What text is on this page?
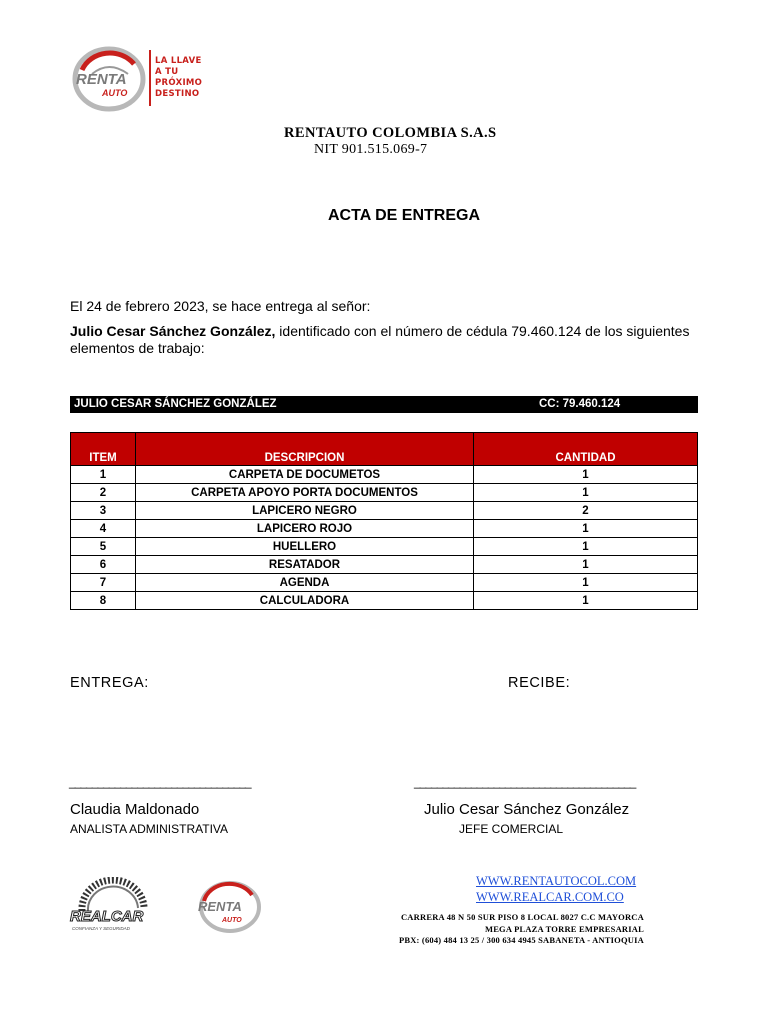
RENTA
AUTO
LA LLAVE
A TU
PRÓXIMO
DESTINO
RENTAUTO COLOMBIA S.A.S
NIT 901.515.069-7
ACTA DE ENTREGA
El 24 de febrero 2023, se hace entrega al señor:
Julio Cesar Sánchez González, identificado con el número de cédula 79.460.124 de los siguientes elementos de trabajo:
JULIO CESAR SÁNCHEZ GONZÁLEZ	CC: 79.460.124
ITEM	DESCRIPCION	CANTIDAD
1	CARPETA DE DOCUMETOS	1
2	CARPETA APOYO PORTA DOCUMENTOS	1
3	LAPICERO NEGRO	2
4	LAPICERO ROJO	1
5	HUELLERO	1
6	RESATADOR	1
7	AGENDA	1
8	CALCULADORA	1
ENTREGA:	RECIBE:
________________________________	_______________________________________
Claudia Maldonado
ANALISTA ADMINISTRATIVA
Julio Cesar Sánchez González
JEFE COMERCIAL
REALCAR
CONFIANZA Y SEGURIDAD
RENTA
AUTO
WWW.RENTAUTOCOL.COM
WWW.REALCAR.COM.CO
CARRERA 48 N 50 SUR PISO 8 LOCAL 8027 C.C MAYORCA
MEGA PLAZA TORRE EMPRESARIAL
PBX: (604) 484 13 25 / 300 634 4945 SABANETA - ANTIOQUIA
